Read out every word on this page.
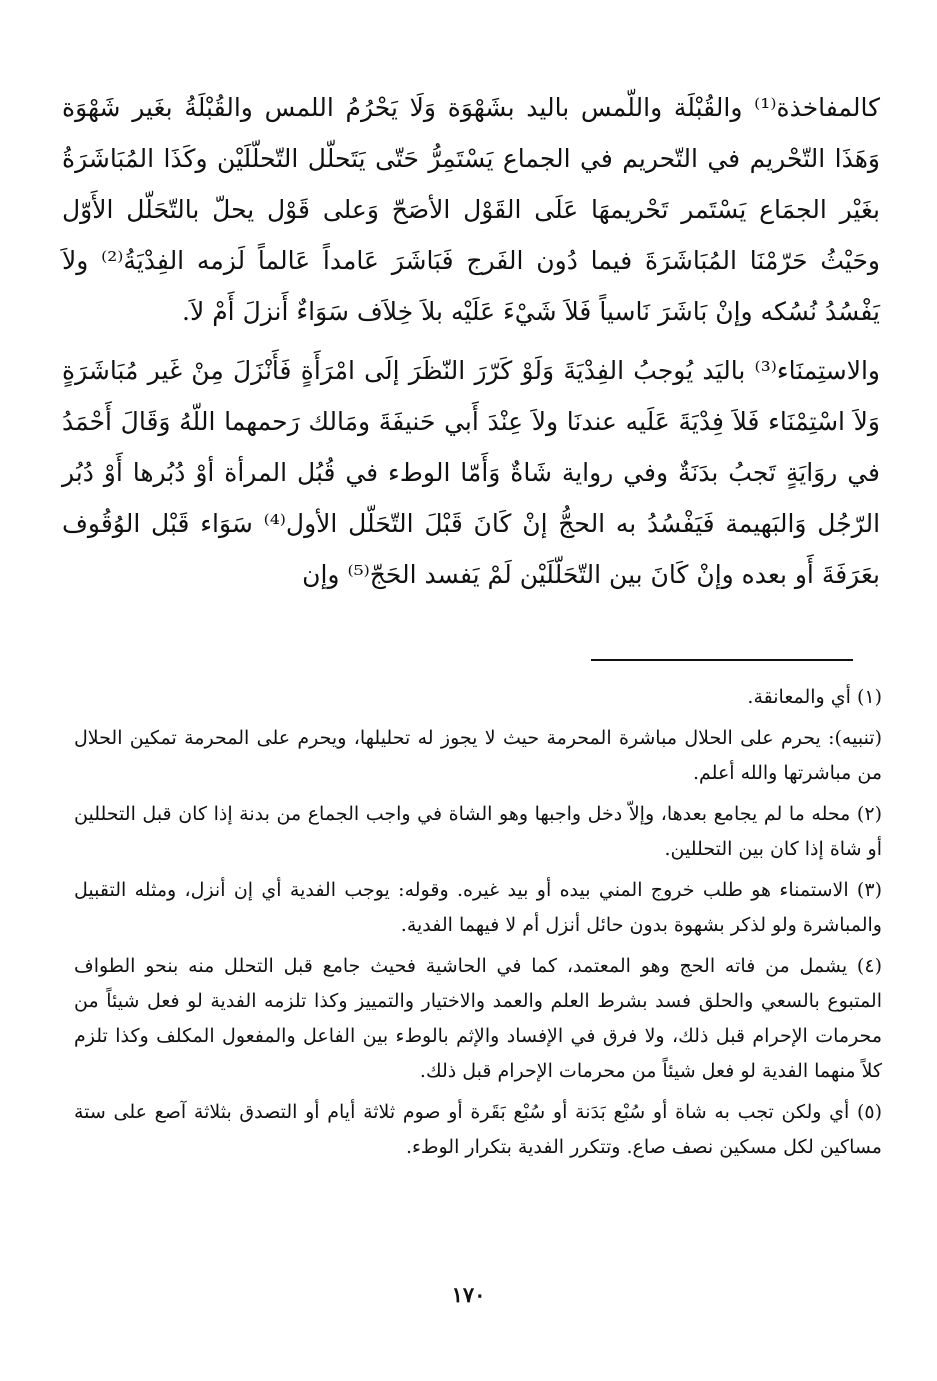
كالمفاخذة⁽¹⁾ والقُبْلَة واللّمس باليد بشَهْوَة وَلَا يَحْرُمُ اللمس والقُبْلَةُ بغَير شَهْوَة وَهَذَا التّحْريم في التّحريم في الجماع يَسْتَمِرُّ حَتّى يَتَحلّل التّحلّلَيْن وكَذَا المُبَاشَرَةُ بغَيْر الجمَاع يَسْتَمر تَحْريمهَا عَلَى القَوْل الأصَحّ وَعلى قَوْل يحلّ بالتّحَلّل الأَوّل وحَيْثُ حَرّمْنَا المُبَاشَرَةَ فيما دُون الفَرج فَبَاشَرَ عَامداً عَالماً لَزمه الفِدْيَةُ⁽²⁾ ولاَ يَفْسُدُ نُسُكه وإنْ بَاشَرَ نَاسياً فَلاَ شَيْءَ عَلَيْه بلاَ خِلاَف سَوَاءٌ أَنزلَ أَمْ لاَ.

والاستِمنَاء⁽³⁾ باليَد يُوجبُ الفِدْيَةَ وَلَوْ كَرّرَ النّظَرَ إلَى امْرَأَةٍ فَأَنْزَلَ مِنْ غَير مُبَاشَرَةٍ وَلاَ اسْتِمْنَاء فَلاَ فِدْيَةَ عَلَيه عندنَا ولاَ عِنْدَ أَبي حَنيفَةَ ومَالك رَحمهما اللّهُ وَقَالَ أَحْمَدُ في روَايَةٍ تَجبُ بدَنَةٌ وفي رواية شَاةٌ وَأَمّا الوطء في قُبُل المرأة أوْ دُبُرها أَوْ دُبُر الرّجُل وَالبَهيمة فَيَفْسُدُ به الحجُّ إنْ كَانَ قَبْلَ التّحَلّل الأول⁽⁴⁾ سَوَاء قَبْل الوُقُوف بعَرَفَةَ أَو بعده وإنْ كَانَ بين التّحَلّلَيْن لَمْ يَفسد الحَجّ⁽⁵⁾ وإن

(١) أي والمعانقة.

(تنبيه): يحرم على الحلال مباشرة المحرمة حيث لا يجوز له تحليلها، ويحرم على المحرمة تمكين الحلال من مباشرتها والله أعلم.

(٢) محله ما لم يجامع بعدها، وإلاّ دخل واجبها وهو الشاة في واجب الجماع من بدنة إذا كان قبل التحللين أو شاة إذا كان بين التحللين.

(٣) الاستمناء هو طلب خروج المني بيده أو بيد غيره. وقوله: يوجب الفدية أي إن أنزل، ومثله التقبيل والمباشرة ولو لذكر بشهوة بدون حائل أنزل أم لا فيهما الفدية.

(٤) يشمل من فاته الحج وهو المعتمد، كما في الحاشية فحيث جامع قبل التحلل منه بنحو الطواف المتبوع بالسعي والحلق فسد بشرط العلم والعمد والاختيار والتمييز وكذا تلزمه الفدية لو فعل شيئاً من محرمات الإحرام قبل ذلك، ولا فرق في الإفساد والإثم بالوطء بين الفاعل والمفعول المكلف وكذا تلزم كلاً منهما الفدية لو فعل شيئاً من محرمات الإحرام قبل ذلك.

(٥) أي ولكن تجب به شاة أو سُبْع بَدَنة أو سُبْع بَقَرة أو صوم ثلاثة أيام أو التصدق بثلاثة آصع على ستة مساكين لكل مسكين نصف صاع. وتتكرر الفدية بتكرار الوطء.

١٧٠
